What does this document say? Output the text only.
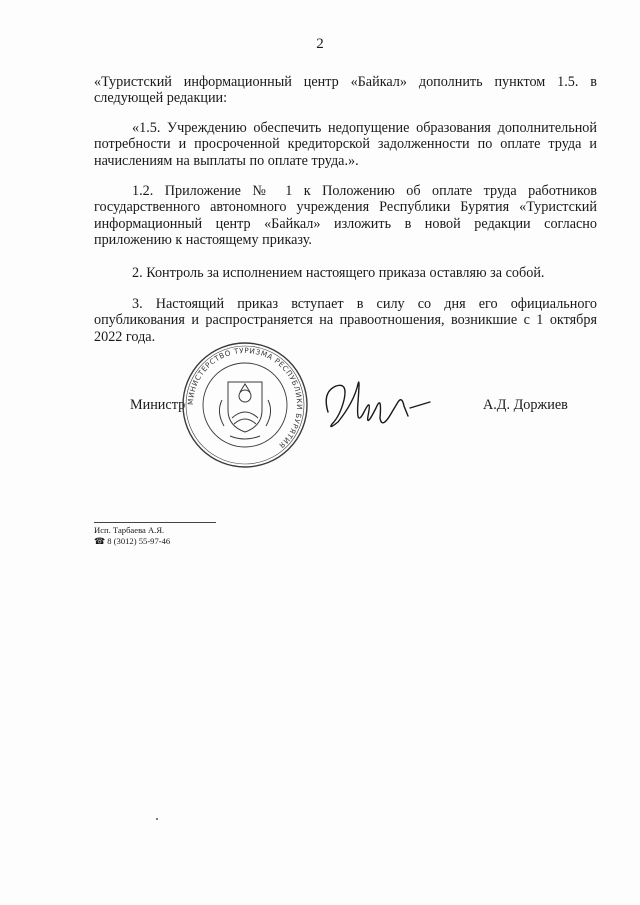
2

«Туристский информационный центр «Байкал» дополнить пунктом 1.5. в следующей редакции:

«1.5. Учреждению обеспечить недопущение образования дополнительной потребности и просроченной кредиторской задолженности по оплате труда и начислениям на выплаты по оплате труда.».

1.2. Приложение № 1 к Положению об оплате труда работников государственного автономного учреждения Республики Бурятия «Туристский информационный центр «Байкал» изложить в новой редакции согласно приложению к настоящему приказу.

2. Контроль за исполнением настоящего приказа оставляю за собой.

3. Настоящий приказ вступает в силу со дня его официального опубликования и распространяется на правоотношения, возникшие с 1 октября 2022 года.

Министр	А.Д. Доржиев
МИНИСТЕРСТВО ТУРИЗМА РЕСПУБЛИКИ БУРЯТИЯ
Исп. Тарбаева А.Я.
☎ 8 (3012) 55-97-46
